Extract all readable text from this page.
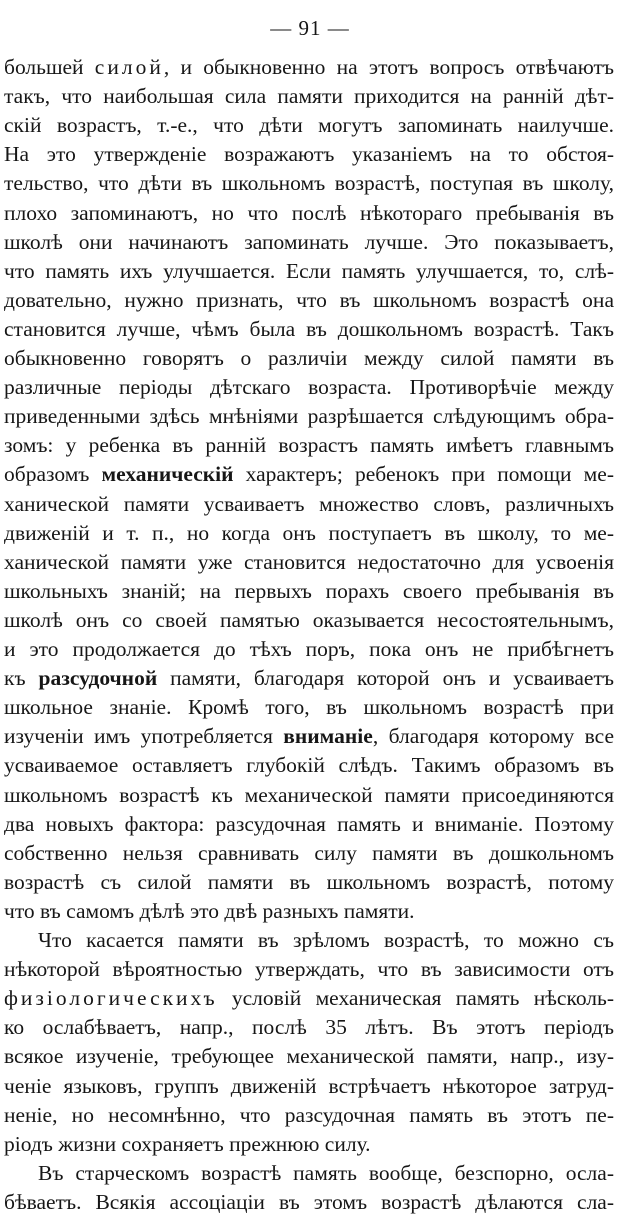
— 91 —
большей силой, и обыкновенно на этотъ вопросъ отвѣчаютъ
такъ, что наибольшая сила памяти приходится на раннiй дѣт-
скiй возрастъ, т.-е., что дѣти могутъ запоминать наилучше.
На это утвержденiе возражаютъ указанiемъ на то обстоя-
тельство, что дѣти въ школьномъ возрастѣ, поступая въ школу,
плохо запоминаютъ, но что послѣ нѣкотораго пребыванiя въ
школѣ они начинаютъ запоминать лучше. Это показываетъ,
что память ихъ улучшается. Если память улучшается, то, слѣ-
довательно, нужно признать, что въ школьномъ возрастѣ она
становится лучше, чѣмъ была въ дошкольномъ возрастѣ. Такъ
обыкновенно говорятъ о различiи между силой памяти въ
различные перiоды дѣтскаго возраста. Противорѣчiе между
приведенными здѣсь мнѣнiями разрѣшается слѣдующимъ обра-
зомъ: у ребенка въ раннiй возрастъ память имѣетъ главнымъ
образомъ механическiй характеръ; ребенокъ при помощи ме-
ханической памяти усваиваетъ множество словъ, различныхъ
движенiй и т. п., но когда онъ поступаетъ въ школу, то ме-
ханической памяти уже становится недостаточно для усвоенiя
школьныхъ знанiй; на первыхъ порахъ своего пребыванiя въ
школѣ онъ со своей памятью оказывается несостоятельнымъ,
и это продолжается до тѣхъ поръ, пока онъ не прибѣгнетъ
къ разсудочной памяти, благодаря которой онъ и усваиваетъ
школьное знанiе. Кромѣ того, въ школьномъ возрастѣ при
изученiи имъ употребляется вниманiе, благодаря которому все
усваиваемое оставляетъ глубокiй слѣдъ. Такимъ образомъ въ
школьномъ возрастѣ къ механической памяти присоединяются
два новыхъ фактора: разсудочная память и вниманiе. Поэтому
собственно нельзя сравнивать силу памяти въ дошкольномъ
возрастѣ съ силой памяти въ школьномъ возрастѣ, потому
что въ самомъ дѣлѣ это двѣ разныхъ памяти.
Что касается памяти въ зрѣломъ возрастѣ, то можно съ
нѣкоторой вѣроятностью утверждать, что въ зависимости отъ
физiологическихъ условiй механическая память нѣсколь-
ко ослабѣваетъ, напр., послѣ 35 лѣтъ. Въ этотъ перiодъ
всякое изученiе, требующее механической памяти, напр., изу-
ченiе языковъ, группъ движенiй встрѣчаетъ нѣкоторое затруд-
ненiе, но несомнѣнно, что разсудочная память въ этотъ пе-
рiодъ жизни сохраняетъ прежнюю силу.
Въ старческомъ возрастѣ память вообще, безспорно, осла-
бѣваетъ. Всякiя ассоцiацiи въ этомъ возрастѣ дѣлаются сла-
